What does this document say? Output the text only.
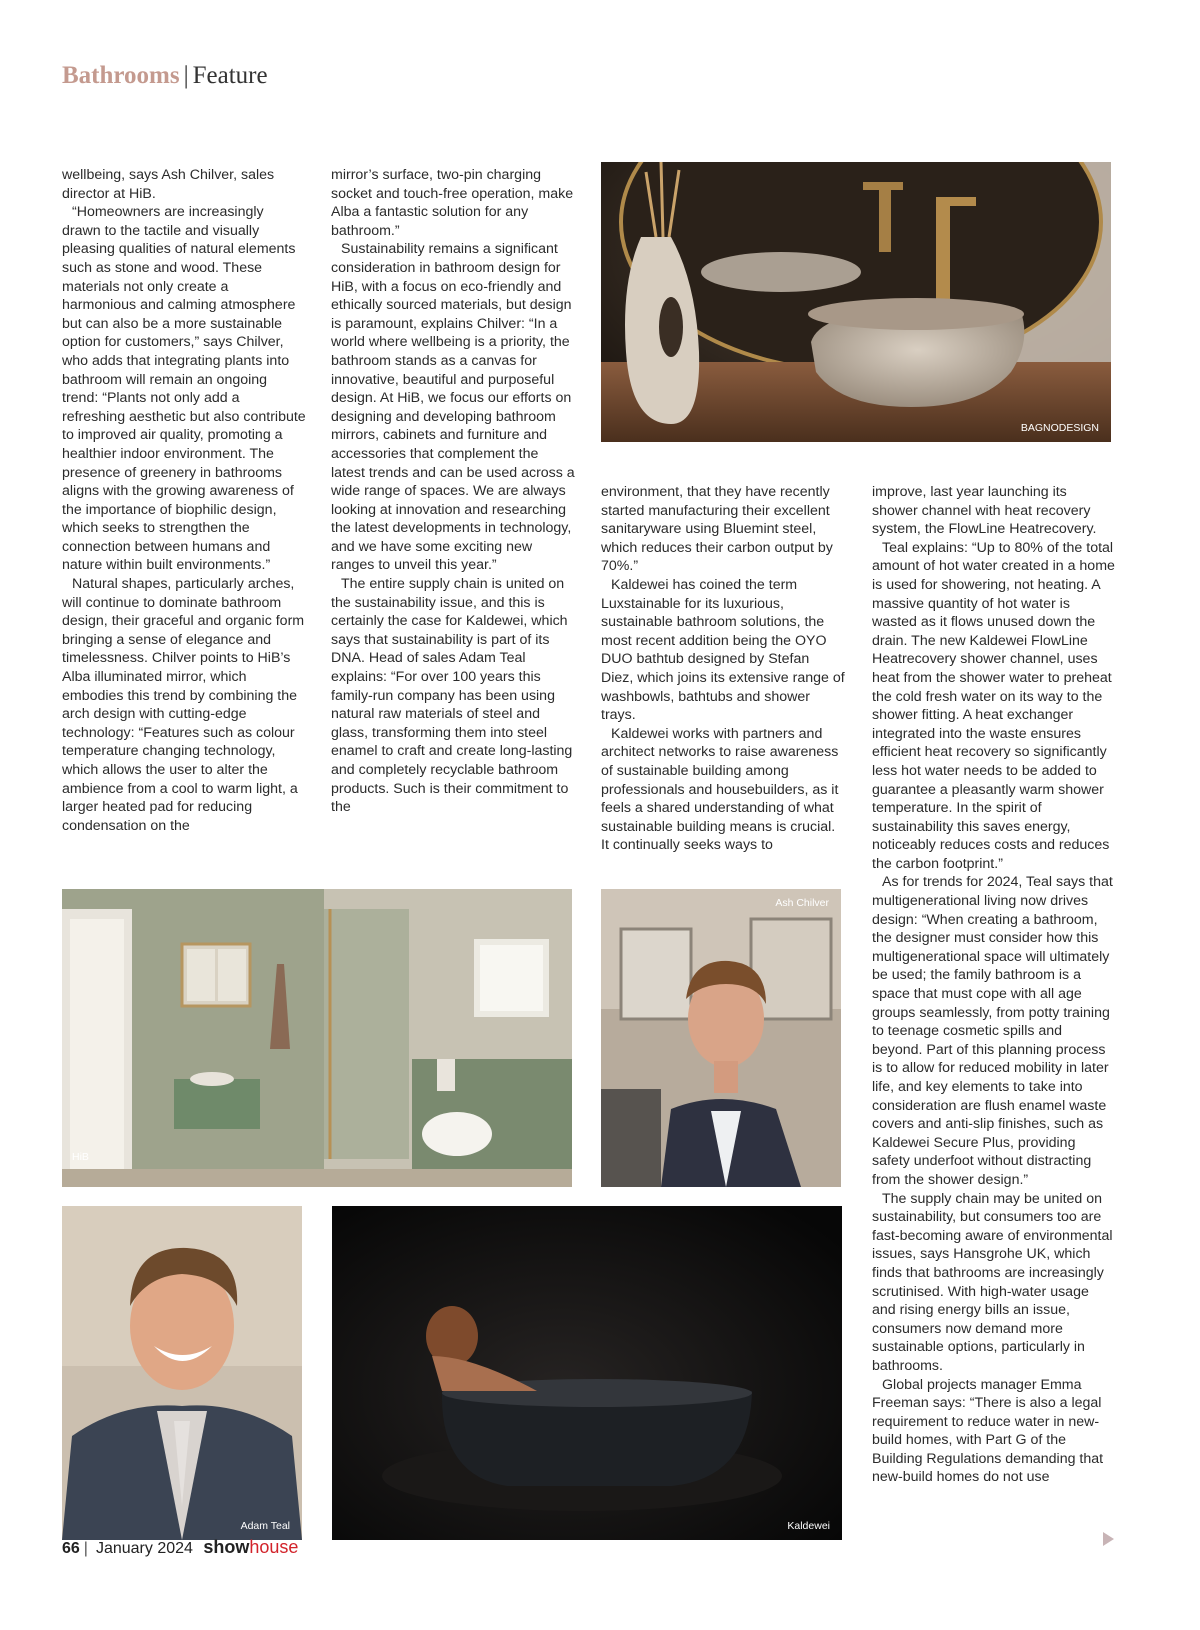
Bathrooms | Feature

wellbeing, says Ash Chilver, sales director at HiB.

“Homeowners are increasingly drawn to the tactile and visually pleasing qualities of natural elements such as stone and wood. These materials not only create a harmonious and calming atmosphere but can also be a more sustainable option for customers,” says Chilver, who adds that integrating plants into bathroom will remain an ongoing trend: “Plants not only add a refreshing aesthetic but also contribute to improved air quality, promoting a healthier indoor environment. The presence of greenery in bathrooms aligns with the growing awareness of the importance of biophilic design, which seeks to strengthen the connection between humans and nature within built environments.”

Natural shapes, particularly arches, will continue to dominate bathroom design, their graceful and organic form bringing a sense of elegance and timelessness. Chilver points to HiB’s Alba illuminated mirror, which embodies this trend by combining the arch design with cutting-edge technology: “Features such as colour temperature changing technology, which allows the user to alter the ambience from a cool to warm light, a larger heated pad for reducing condensation on the

mirror’s surface, two-pin charging socket and touch-free operation, make Alba a fantastic solution for any bathroom.”

Sustainability remains a significant consideration in bathroom design for HiB, with a focus on eco-friendly and ethically sourced materials, but design is paramount, explains Chilver: “In a world where wellbeing is a priority, the bathroom stands as a canvas for innovative, beautiful and purposeful design. At HiB, we focus our efforts on designing and developing bathroom mirrors, cabinets and furniture and accessories that complement the latest trends and can be used across a wide range of spaces. We are always looking at innovation and researching the latest developments in technology, and we have some exciting new ranges to unveil this year.”

The entire supply chain is united on the sustainability issue, and this is certainly the case for Kaldewei, which says that sustainability is part of its DNA. Head of sales Adam Teal explains: “For over 100 years this family-run company has been using natural raw materials of steel and glass, transforming them into steel enamel to craft and create long-lasting and completely recyclable bathroom products. Such is their commitment to the

environment, that they have recently started manufacturing their excellent sanitaryware using Bluemint steel, which reduces their carbon output by 70%.”

Kaldewei has coined the term Luxstainable for its luxurious, sustainable bathroom solutions, the most recent addition being the OYO DUO bathtub designed by Stefan Diez, which joins its extensive range of washbowls, bathtubs and shower trays.

Kaldewei works with partners and architect networks to raise awareness of sustainable building among professionals and housebuilders, as it feels a shared understanding of what sustainable building means is crucial. It continually seeks ways to

improve, last year launching its shower channel with heat recovery system, the FlowLine Heatrecovery.

Teal explains: “Up to 80% of the total amount of hot water created in a home is used for showering, not heating. A massive quantity of hot water is wasted as it flows unused down the drain. The new Kaldewei FlowLine Heatrecovery shower channel, uses heat from the shower water to preheat the cold fresh water on its way to the shower fitting. A heat exchanger integrated into the waste ensures efficient heat recovery so significantly less hot water needs to be added to guarantee a pleasantly warm shower temperature. In the spirit of sustainability this saves energy, noticeably reduces costs and reduces the carbon footprint.”

As for trends for 2024, Teal says that multigenerational living now drives design: “When creating a bathroom, the designer must consider how this multigenerational space will ultimately be used; the family bathroom is a space that must cope with all age groups seamlessly, from potty training to teenage cosmetic spills and beyond. Part of this planning process is to allow for reduced mobility in later life, and key elements to take into consideration are flush enamel waste covers and anti-slip finishes, such as Kaldewei Secure Plus, providing safety underfoot without distracting from the shower design.”

The supply chain may be united on sustainability, but consumers too are fast-becoming aware of environmental issues, says Hansgrohe UK, which finds that bathrooms are increasingly scrutinised. With high-water usage and rising energy bills an issue, consumers now demand more sustainable options, particularly in bathrooms.

Global projects manager Emma Freeman says: “There is also a legal requirement to reduce water in new-build homes, with Part G of the Building Regulations demanding that new-build homes do not use

BAGNODESIGN
HiB
Ash Chilver
Adam Teal	Kaldewei
66 | January 2024 showhouse
